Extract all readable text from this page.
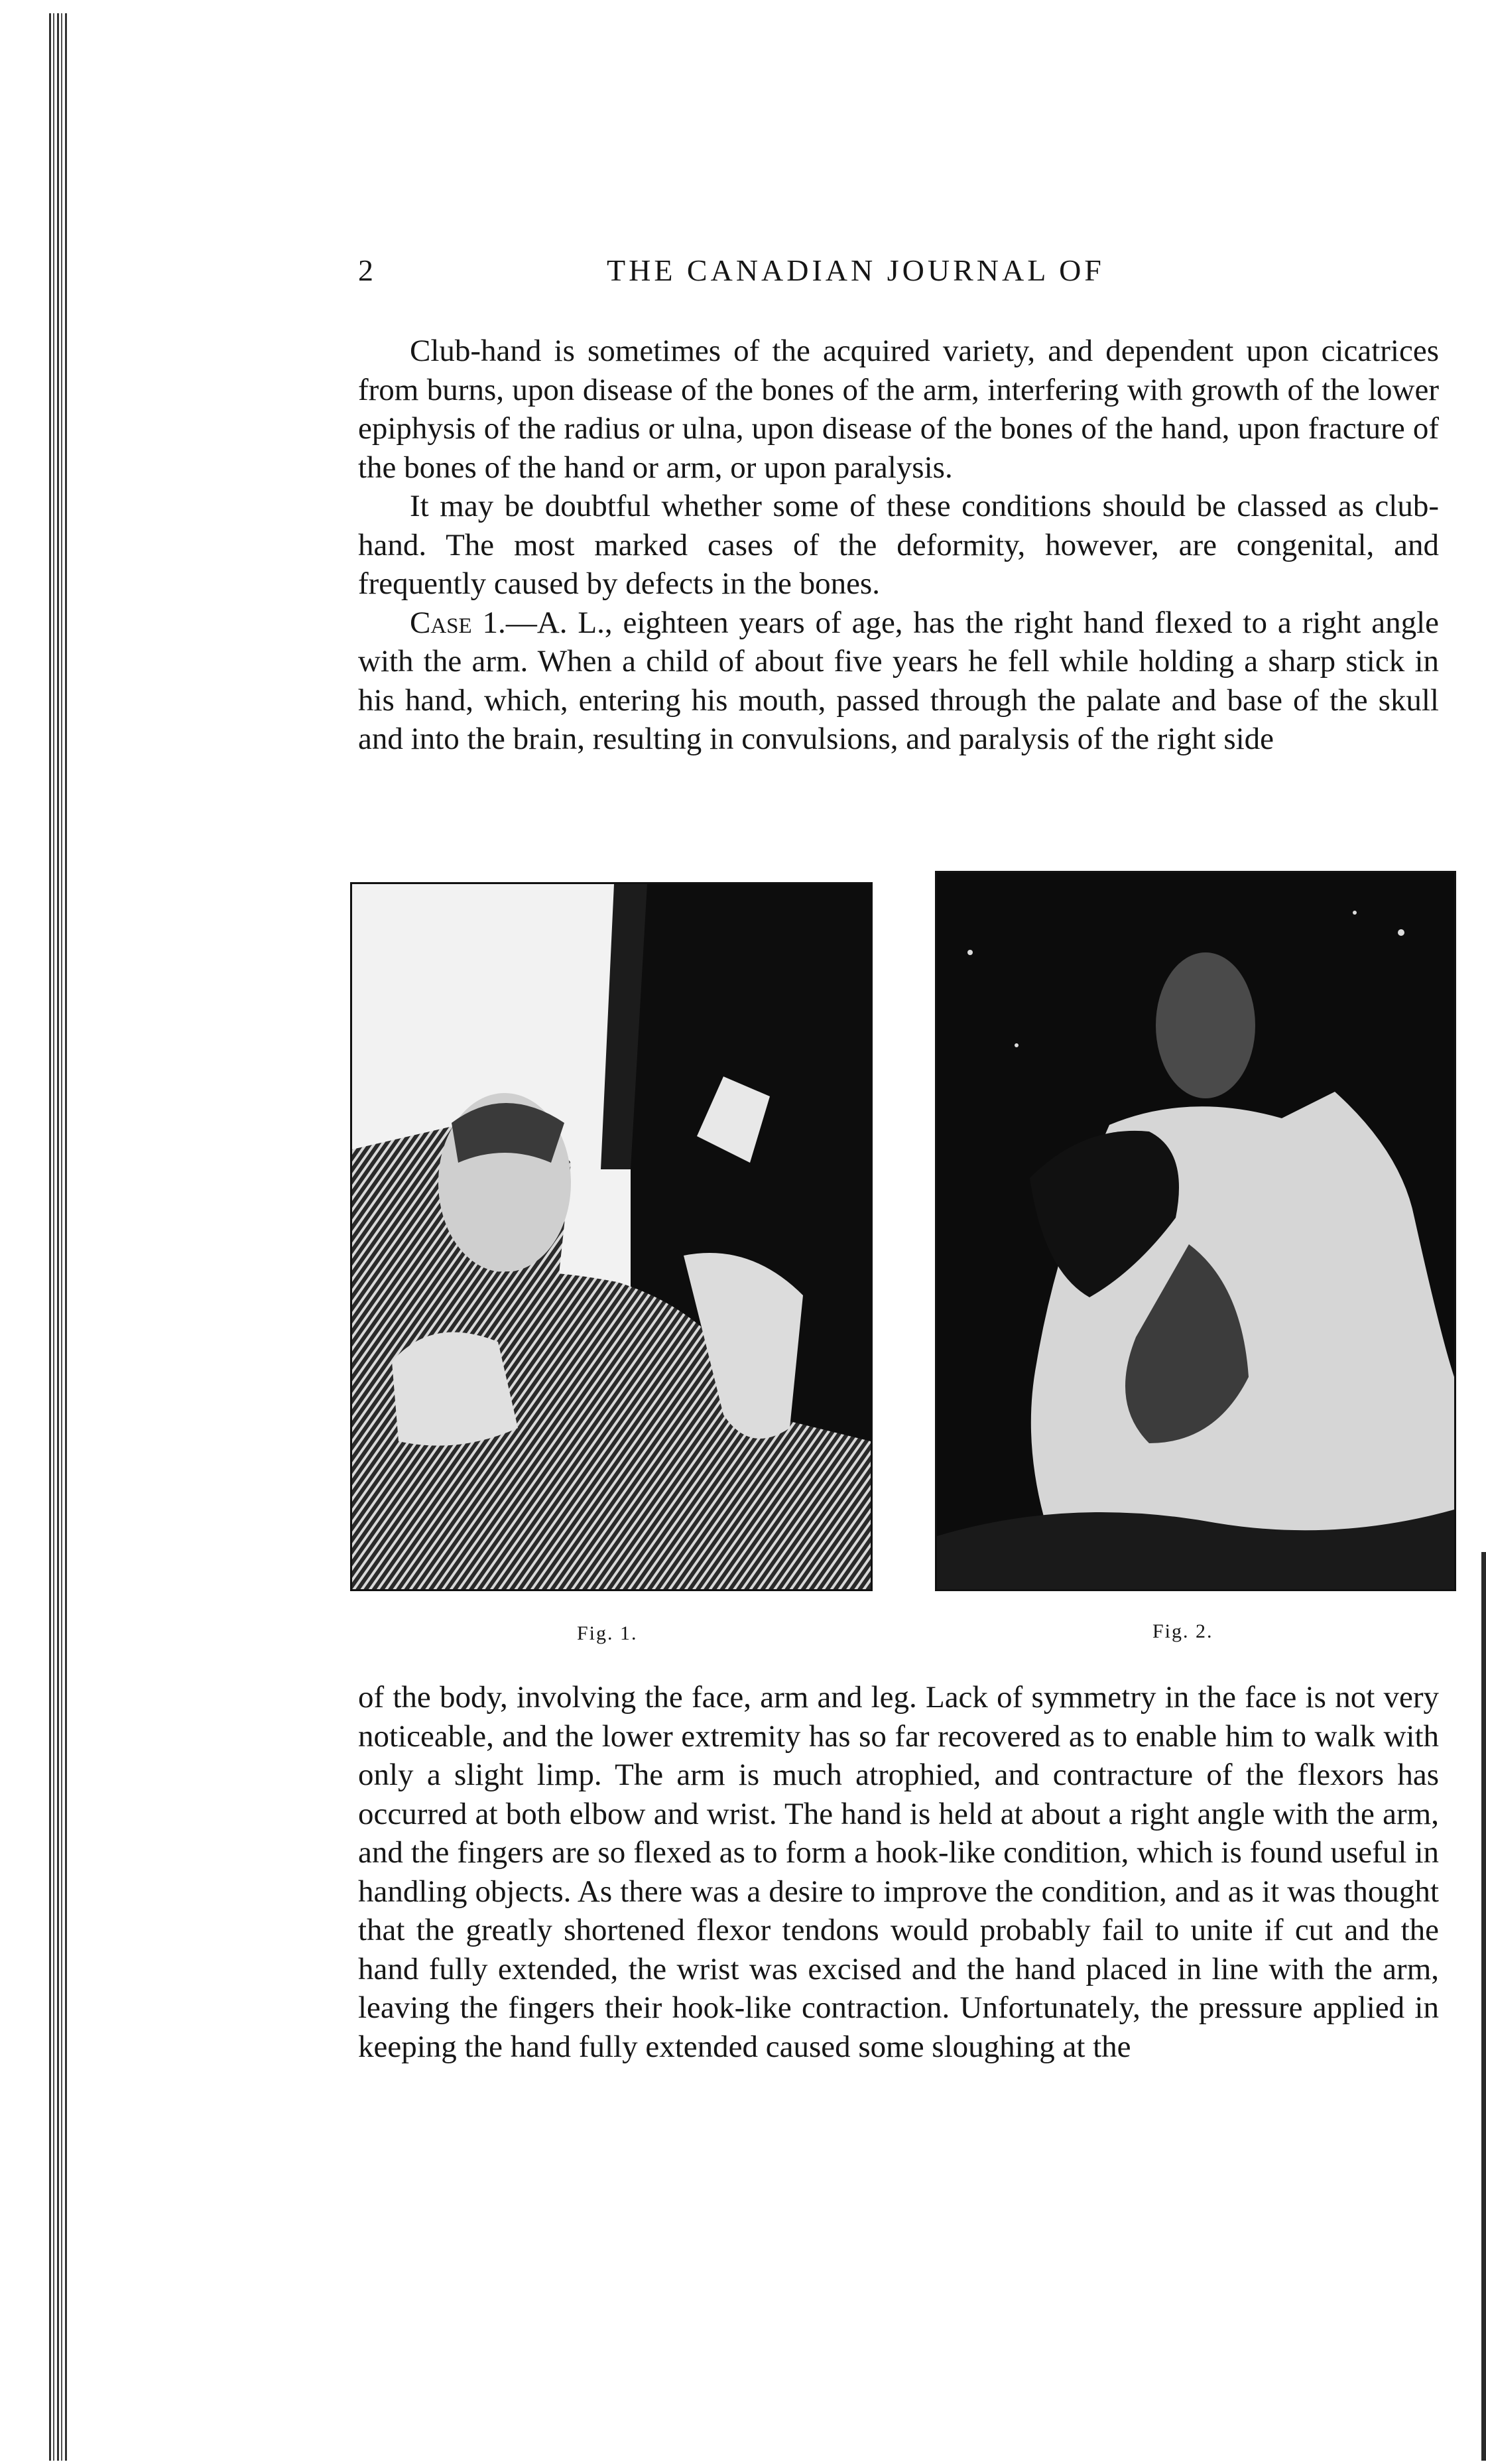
2	THE CANADIAN JOURNAL OF

Club-hand is sometimes of the acquired variety, and dependent upon cicatrices from burns, upon disease of the bones of the arm, interfering with growth of the lower epiphysis of the radius or ulna, upon disease of the bones of the hand, upon fracture of the bones of the hand or arm, or upon paralysis.

It may be doubtful whether some of these conditions should be classed as club-hand. The most marked cases of the deformity, however, are congenital, and frequently caused by defects in the bones.

Case 1.—A. L., eighteen years of age, has the right hand flexed to a right angle with the arm. When a child of about five years he fell while holding a sharp stick in his hand, which, entering his mouth, passed through the palate and base of the skull and into the brain, resulting in convulsions, and paralysis of the right side

Fig. 1.	Fig. 2.

of the body, involving the face, arm and leg. Lack of symmetry in the face is not very noticeable, and the lower extremity has so far recovered as to enable him to walk with only a slight limp. The arm is much atrophied, and contracture of the flexors has occurred at both elbow and wrist. The hand is held at about a right angle with the arm, and the fingers are so flexed as to form a hook-like condition, which is found useful in handling objects. As there was a desire to improve the condition, and as it was thought that the greatly shortened flexor tendons would probably fail to unite if cut and the hand fully extended, the wrist was excised and the hand placed in line with the arm, leaving the fingers their hook-like contraction. Unfortunately, the pressure applied in keeping the hand fully extended caused some sloughing at the
